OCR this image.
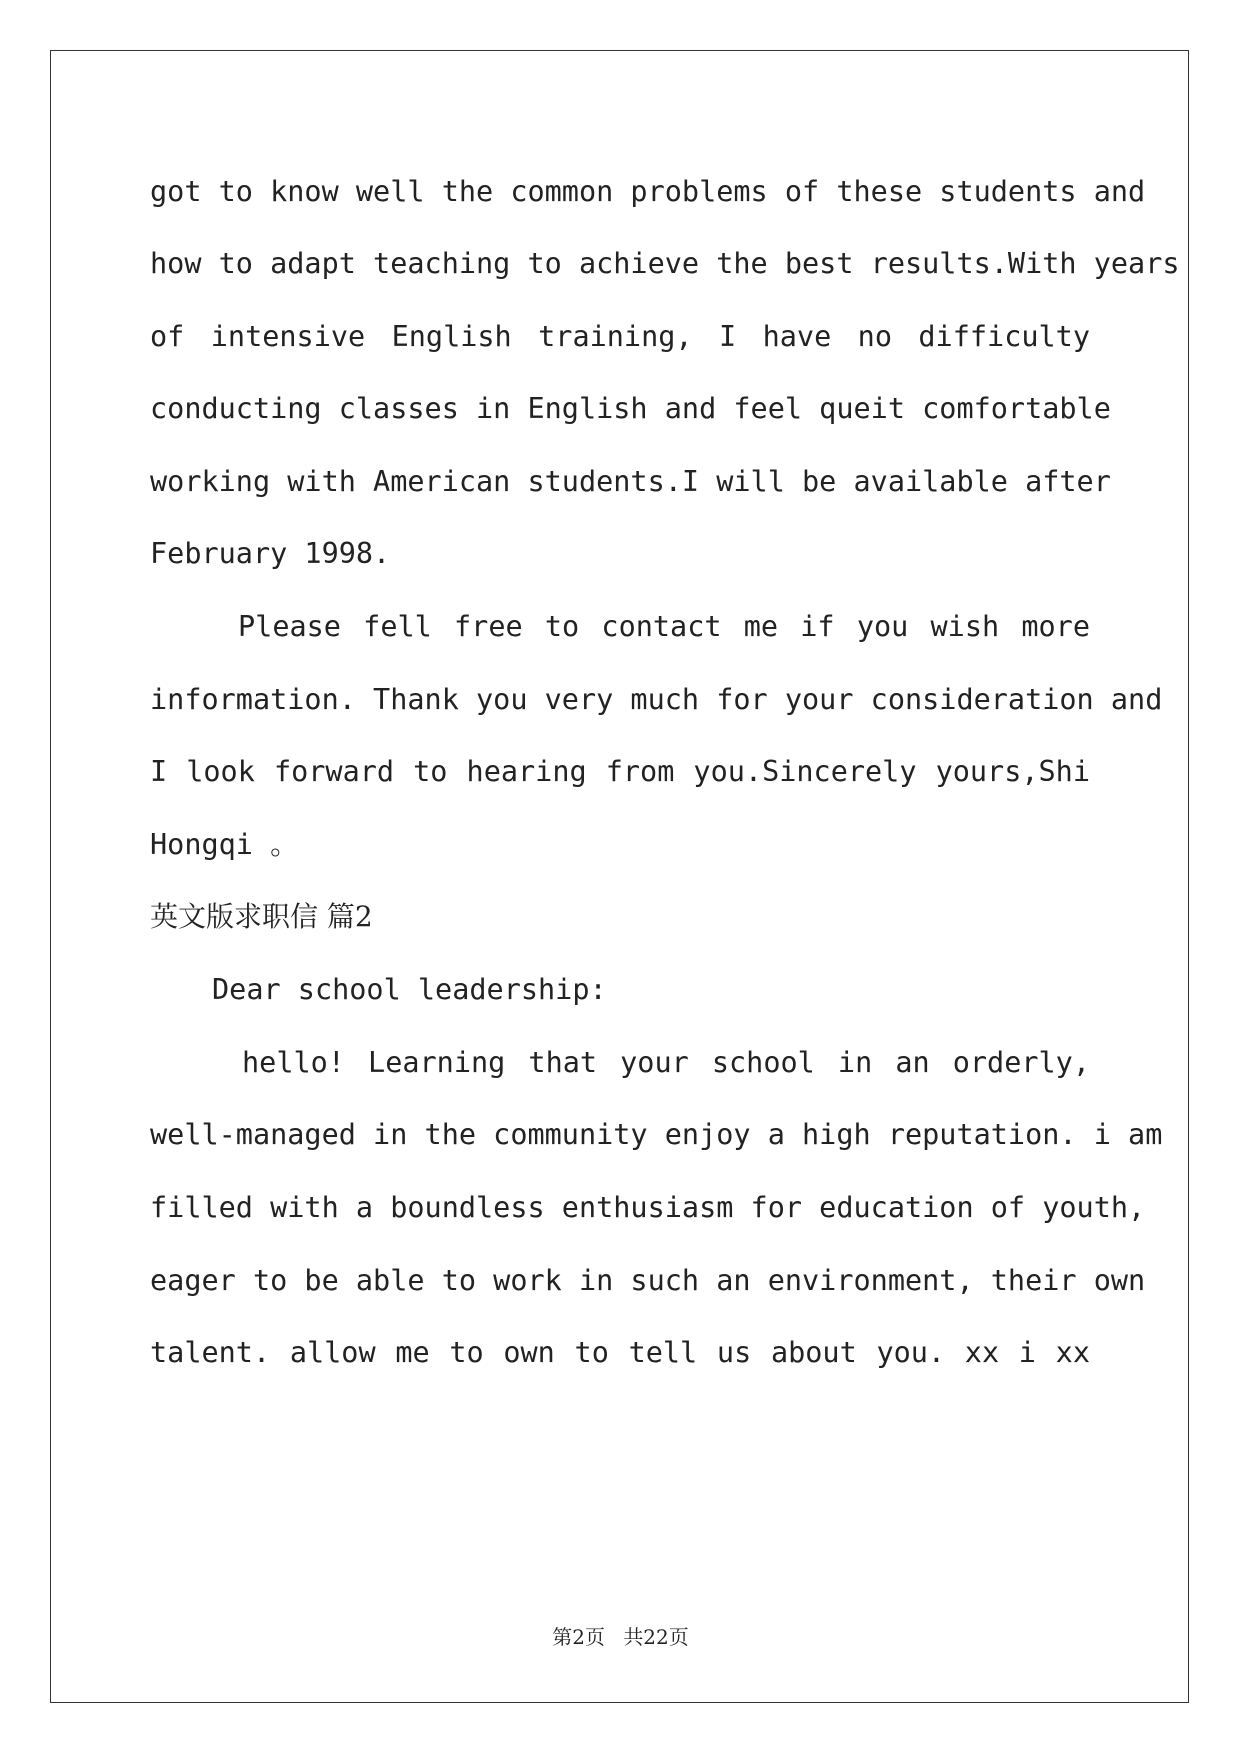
got to know well the common problems of these students and
how to adapt teaching to achieve the best results.With years
of intensive English training, I have no difficulty
conducting classes in English and feel queit comfortable
working with American students.I will be available after
February 1998.
Please fell free to contact me if you wish more
information. Thank you very much for your consideration and
I look forward to hearing from you.Sincerely yours,Shi
Hongqi 。
英文版求职信 篇2
Dear school leadership:
hello! Learning that your school in an orderly,
well-managed in the community enjoy a high reputation. i am
filled with a boundless enthusiasm for education of youth,
eager to be able to work in such an environment, their own
talent. allow me to own to tell us about you. xx i xx
第2页 共22页
